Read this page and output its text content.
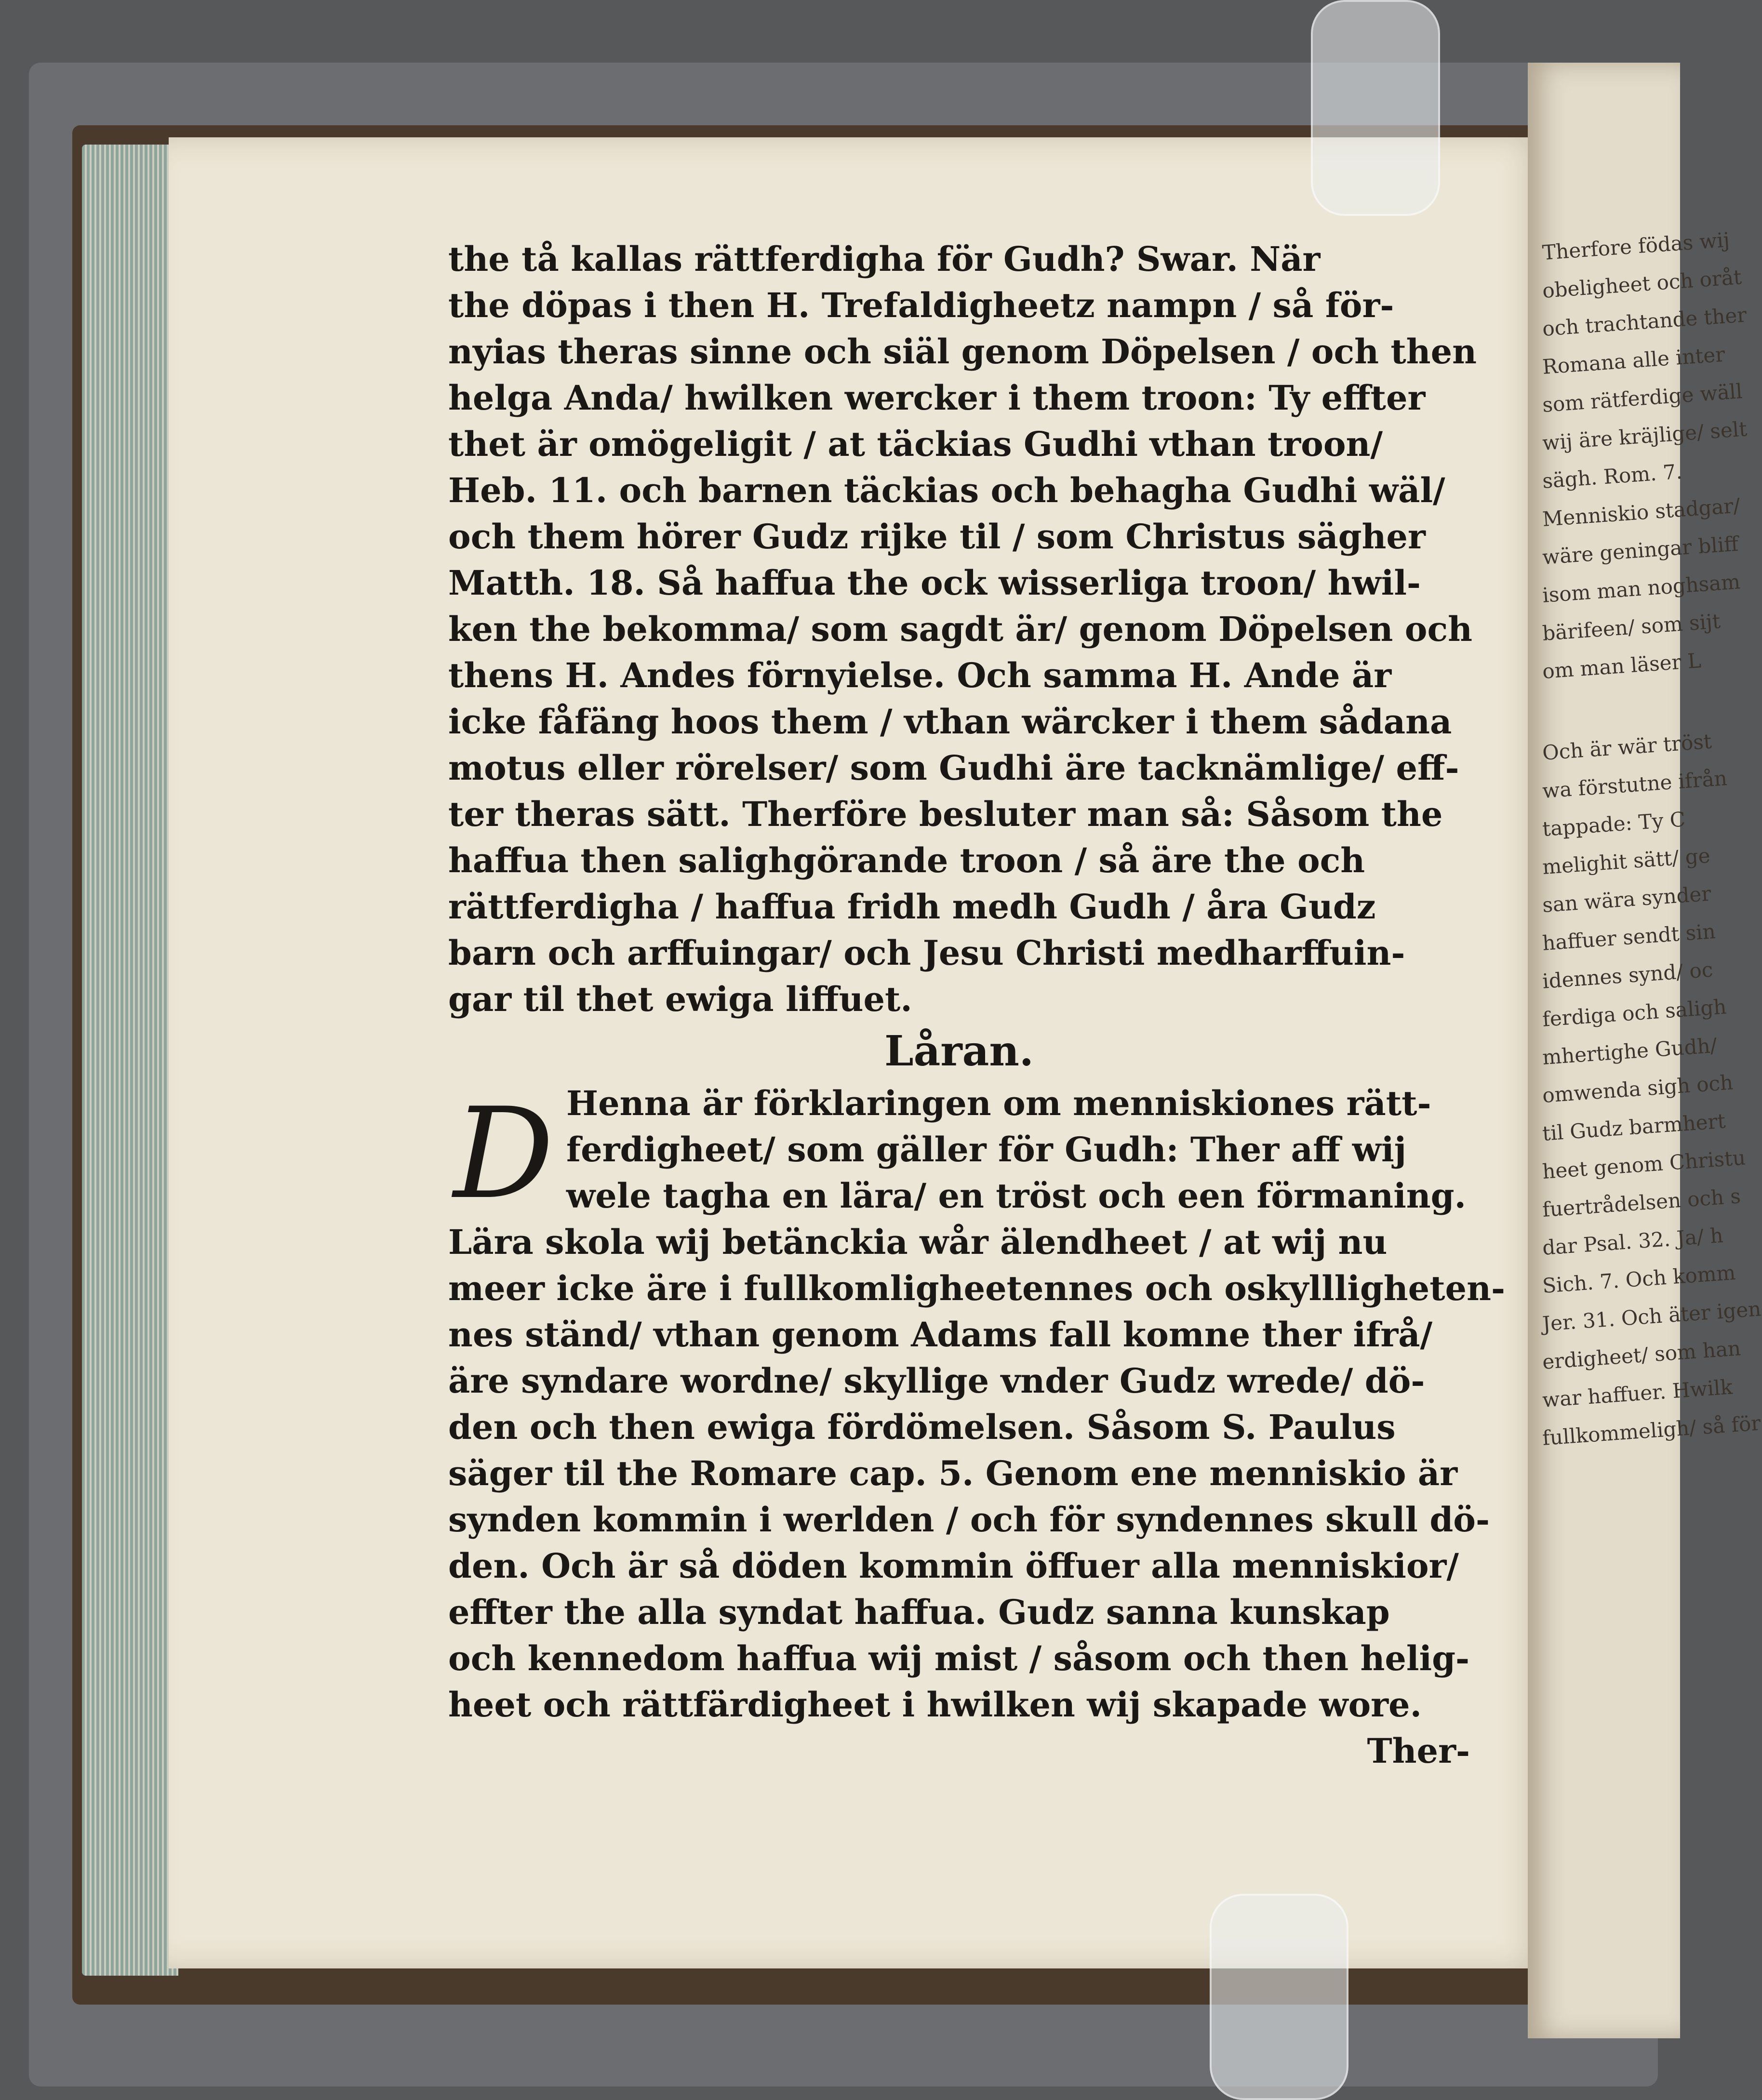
Therfore födas wij
obeligheet och oråt
och trachtande ther
Romana alle inter
som rätferdige wäll
wij äre kräjlige/ selt
sägh. Rom. 7.
Menniskio stadgar/
wäre geningar bliff
isom man noghsam
bärifeen/ som sijt
om man läser L
Och är wär tröst
wa förstutne ifrån
tappade: Ty C
melighit sätt/ ge
san wära synder
haffuer sendt sin
idennes synd/ oc
ferdiga och saligh
mhertighe Gudh/
omwenda sigh och
til Gudz barmhert
heet genom Christu
fuertrådelsen och s
dar Psal. 32. Ja/ h
Sich. 7. Och komm
Jer. 31. Och äter igen
erdigheet/ som han
war haffuer. Hwilk
fullkommeligh/ så för

the tå kallas rättferdigha för Gudh? Swar. När

the döpas i then H. Trefaldigheetz nampn / så för-

nyias theras sinne och siäl genom Döpelsen / och then

helga Anda/ hwilken wercker i them troon: Ty effter

thet är omögeligit / at täckias Gudhi vthan troon/

Heb. 11. och barnen täckias och behagha Gudhi wäl/

och them hörer Gudz rijke til / som Christus sägher

Matth. 18. Så haffua the ock wisserliga troon/ hwil-

ken the bekomma/ som sagdt är/ genom Döpelsen och

thens H. Andes förnyielse. Och samma H. Ande är

icke fåfäng hoos them / vthan wärcker i them sådana

motus eller rörelser/ som Gudhi äre tacknämlige/ eff-

ter theras sätt. Therföre besluter man så: Såsom the

haffua then salighgörande troon / så äre the och

rättferdigha / haffua fridh medh Gudh / åra Gudz

barn och arffuingar/ och Jesu Christi medharffuin-

gar til thet ewiga liffuet.

Låran.

Henna är förklaringen om menniskiones rätt-

ferdigheet/ som gäller för Gudh: Ther aff wij

wele tagha en lära/ en tröst och een förmaning.

Lära skola wij betänckia wår älendheet / at wij nu

meer icke äre i fullkomligheetennes och oskyllligheten-

nes ständ/ vthan genom Adams fall komne ther ifrå/

äre syndare wordne/ skyllige vnder Gudz wrede/ dö-

den och then ewiga fördömelsen. Såsom S. Paulus

säger til the Romare cap. 5. Genom ene menniskio är

synden kommin i werlden / och för syndennes skull dö-

den. Och är så döden kommin öffuer alla menniskior/

effter the alla syndat haffua. Gudz sanna kunskap

och kennedom haffua wij mist / såsom och then helig-

heet och rättfärdigheet i hwilken wij skapade wore.

Ther-

D
